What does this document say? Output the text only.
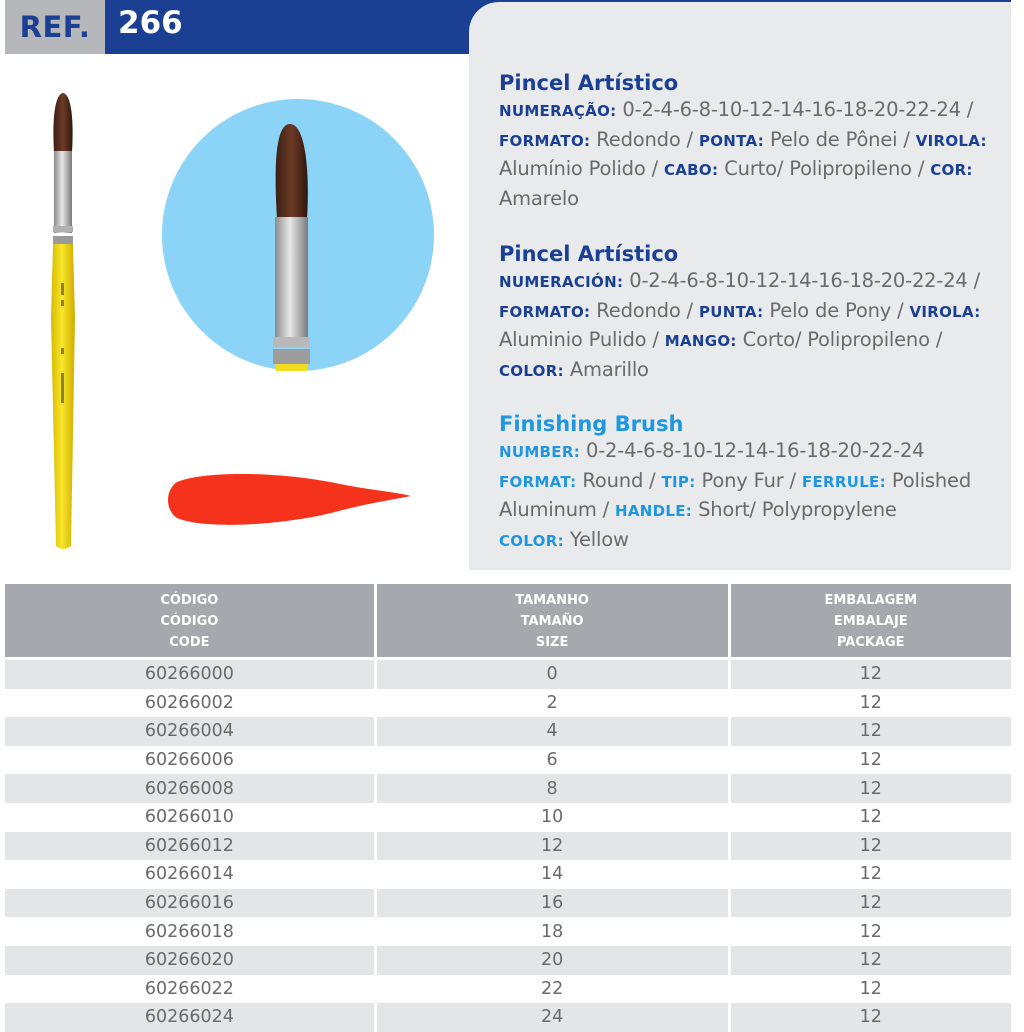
REF. 266
Pincel Artístico

NUMERAÇÃO: 0-2-4-6-8-10-12-14-16-18-20-22-24 / FORMATO: Redondo / PONTA: Pelo de Pônei / VIROLA: Alumínio Polido / CABO: Curto/ Polipropileno / COR: Amarelo

Pincel Artístico

NUMERACIÓN: 0-2-4-6-8-10-12-14-16-18-20-22-24 / FORMATO: Redondo / PUNTA: Pelo de Pony / VIROLA: Aluminio Pulido / MANGO: Corto/ Polipropileno / COLOR: Amarillo

Finishing Brush

NUMBER: 0-2-4-6-8-10-12-14-16-18-20-22-24
FORMAT: Round / TIP: Pony Fur / FERRULE: Polished Aluminum / HANDLE: Short/ Polypropylene
COLOR: Yellow

CÓDIGO
CÓDIGO
CODE	TAMANHO
TAMAÑO
SIZE	EMBALAGEM
EMBALAJE
PACKAGE
60266000	0	12
60266002	2	12
60266004	4	12
60266006	6	12
60266008	8	12
60266010	10	12
60266012	12	12
60266014	14	12
60266016	16	12
60266018	18	12
60266020	20	12
60266022	22	12
60266024	24	12
